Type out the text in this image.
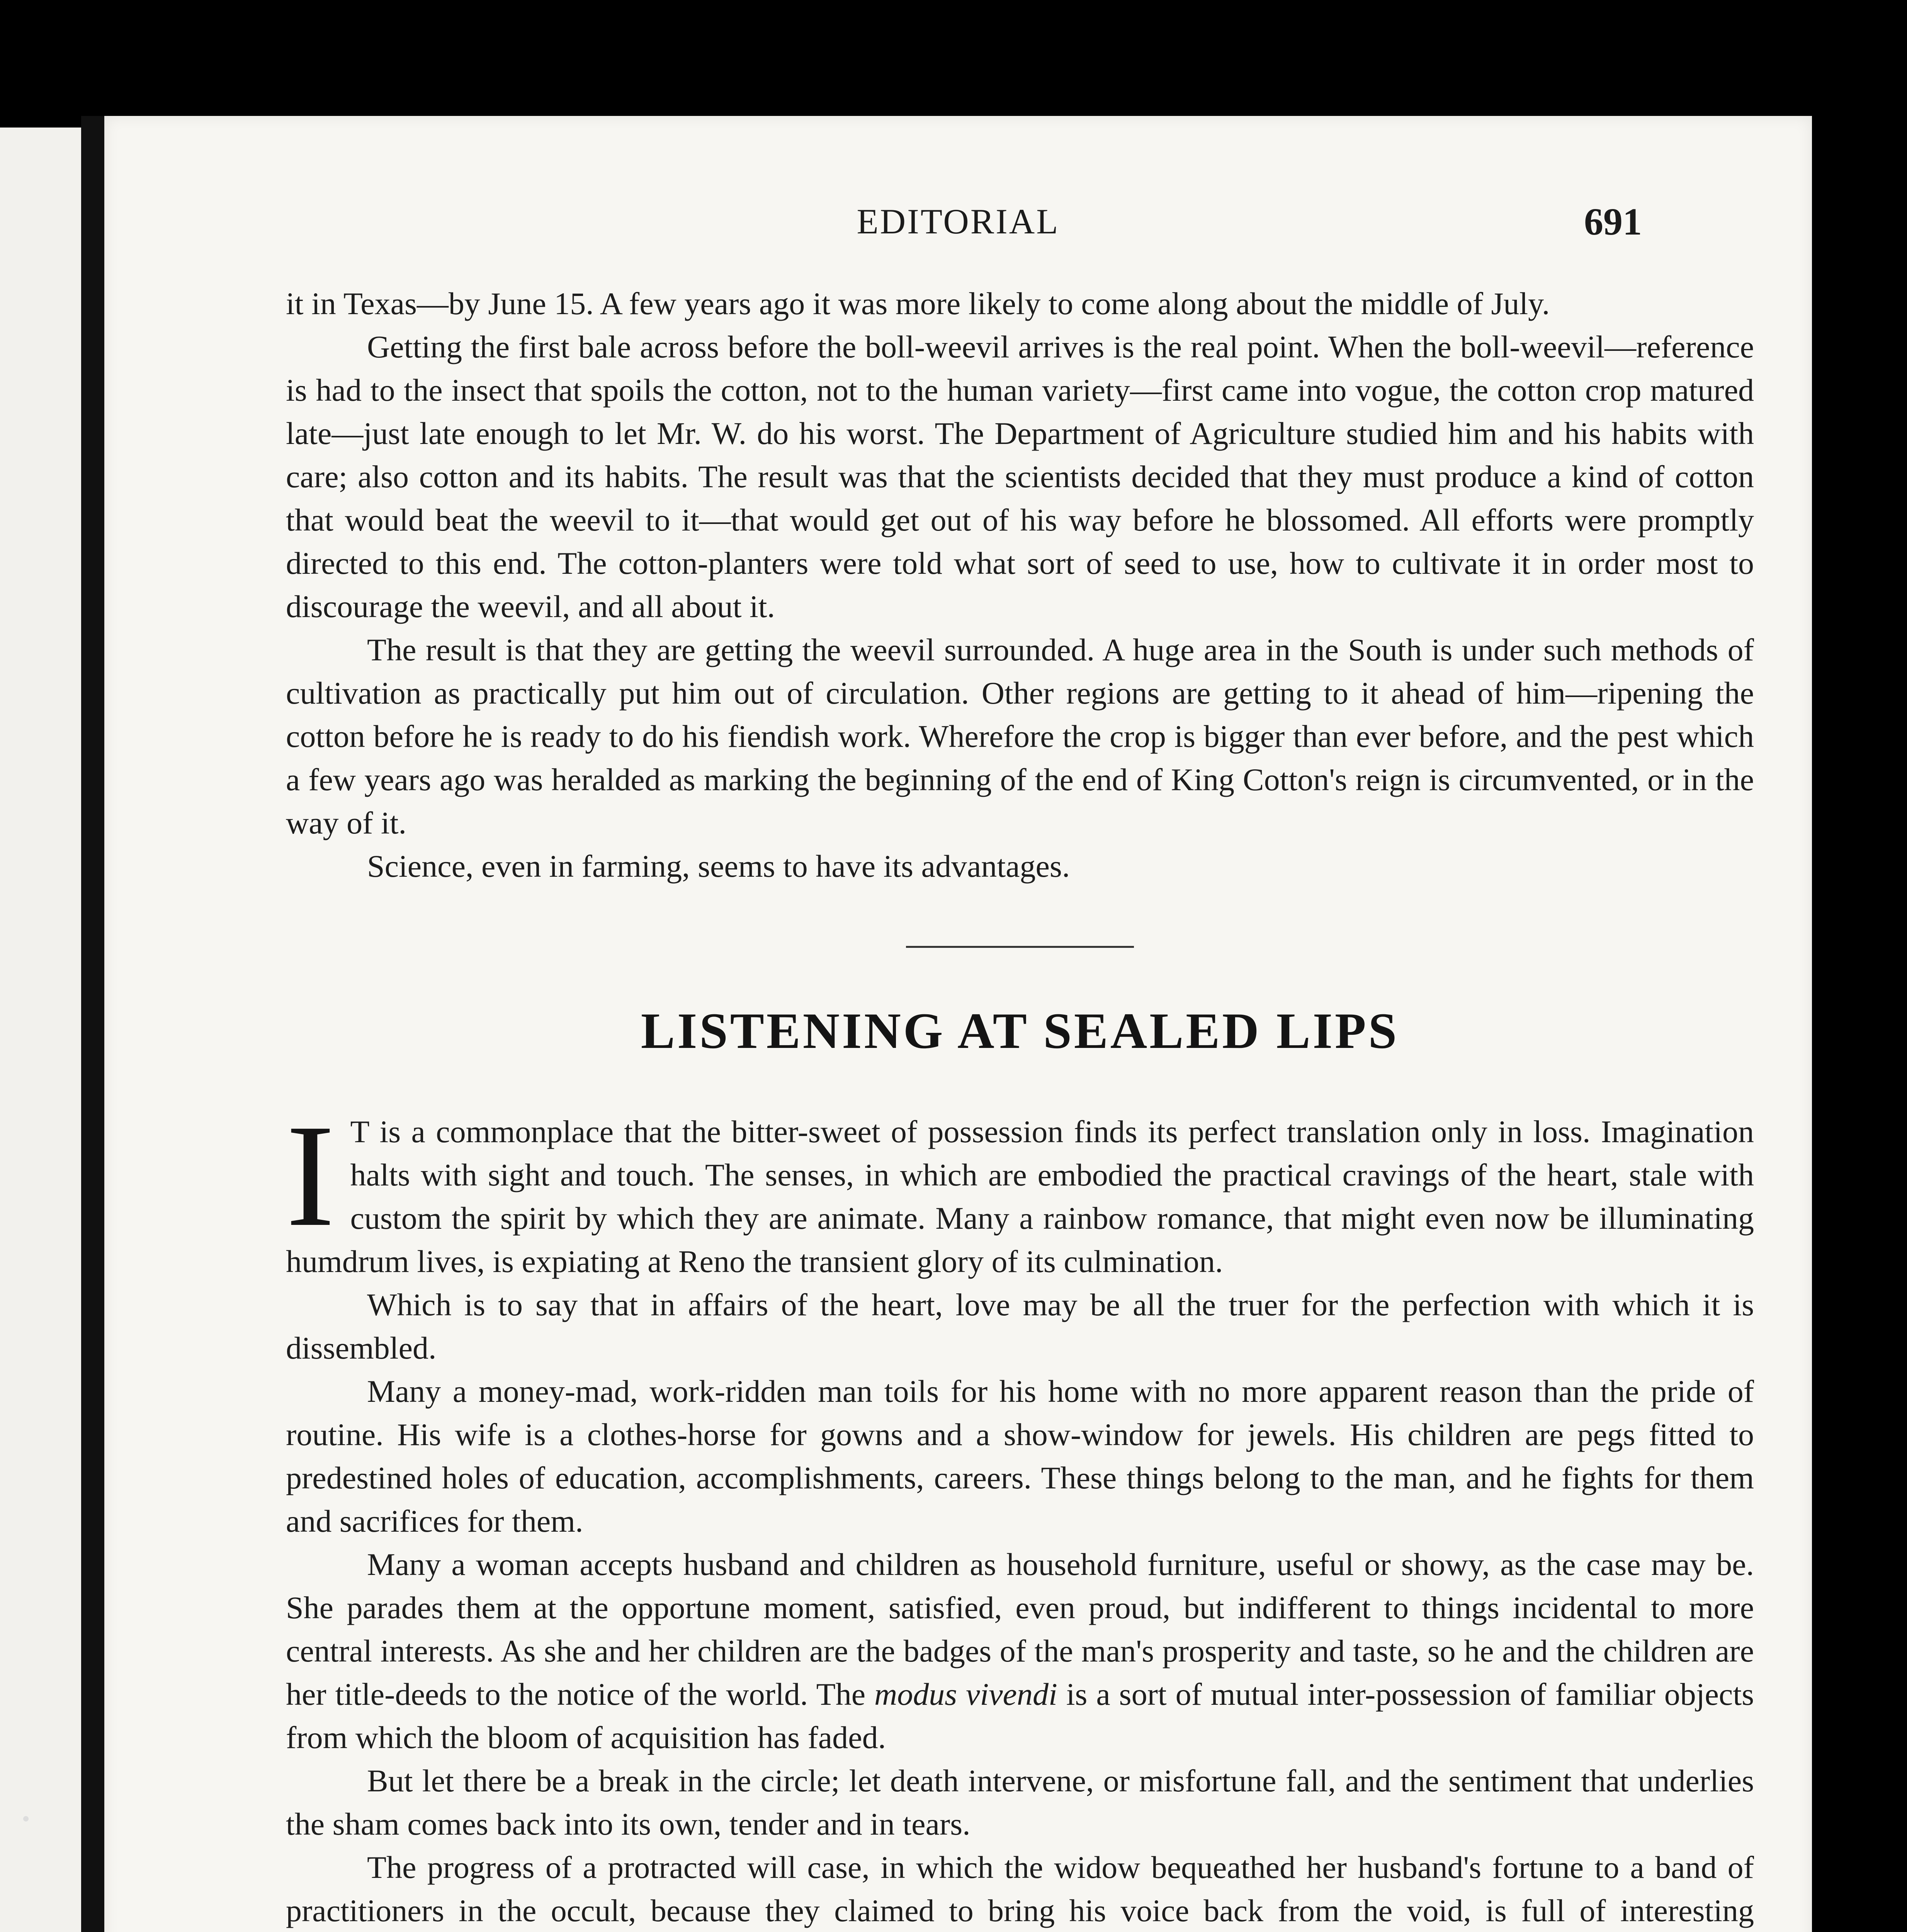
EDITORIAL	691

it in Texas—by June 15. A few years ago it was more likely to come along about the middle of July.

Getting the first bale across before the boll-weevil arrives is the real point. When the boll-weevil—reference is had to the insect that spoils the cotton, not to the human variety—first came into vogue, the cotton crop matured late—just late enough to let Mr. W. do his worst. The Department of Agriculture studied him and his habits with care; also cotton and its habits. The result was that the scientists decided that they must produce a kind of cotton that would beat the weevil to it—that would get out of his way before he blossomed. All efforts were promptly directed to this end. The cotton-planters were told what sort of seed to use, how to cultivate it in order most to discourage the weevil, and all about it.

The result is that they are getting the weevil surrounded. A huge area in the South is under such methods of cultivation as practically put him out of circulation. Other regions are getting to it ahead of him—ripening the cotton before he is ready to do his fiendish work. Wherefore the crop is bigger than ever before, and the pest which a few years ago was heralded as marking the beginning of the end of King Cotton's reign is circumvented, or in the way of it.

Science, even in farming, seems to have its advantages.

LISTENING AT SEALED LIPS

I T is a commonplace that the bitter-sweet of possession finds its perfect translation only in loss. Imagination halts with sight and touch. The senses, in which are embodied the practical cravings of the heart, stale with custom the spirit by which they are animate. Many a rainbow romance, that might even now be illuminating humdrum lives, is expiating at Reno the transient glory of its culmination.

Which is to say that in affairs of the heart, love may be all the truer for the perfection with which it is dissembled.

Many a money-mad, work-ridden man toils for his home with no more apparent reason than the pride of routine. His wife is a clothes-horse for gowns and a show-window for jewels. His children are pegs fitted to predestined holes of education, accomplishments, careers. These things belong to the man, and he fights for them and sacrifices for them.

Many a woman accepts husband and children as household furniture, useful or showy, as the case may be. She parades them at the opportune moment, satisfied, even proud, but indifferent to things incidental to more central interests. As she and her children are the badges of the man's prosperity and taste, so he and the children are her title-deeds to the notice of the world. The modus vivendi is a sort of mutual inter-possession of familiar objects from which the bloom of acquisition has faded.

But let there be a break in the circle; let death intervene, or misfortune fall, and the sentiment that underlies the sham comes back into its own, tender and in tears.

The progress of a protracted will case, in which the widow bequeathed her husband's fortune to a band of practitioners in the occult, because they claimed to bring his voice back from the void, is full of interesting
